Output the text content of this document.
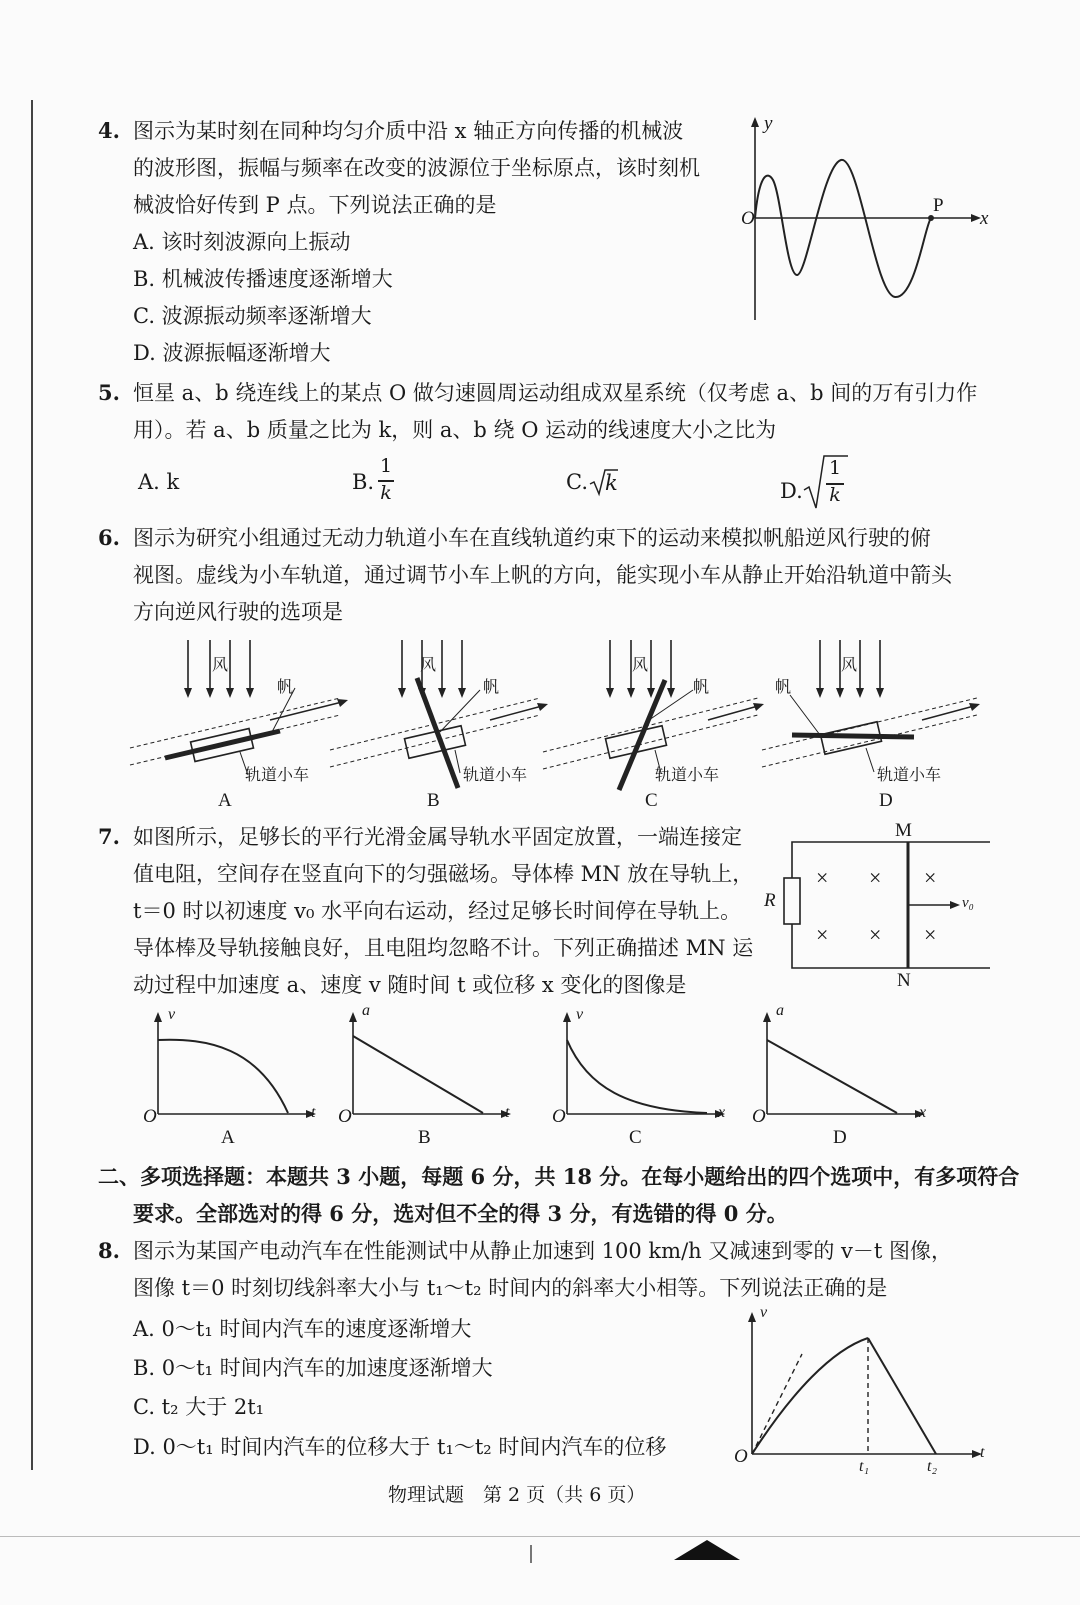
4. 图示为某时刻在同种均匀介质中沿 x 轴正方向传播的机械波
的波形图，振幅与频率在改变的波源位于坐标原点，该时刻机
械波恰好传到 P 点。下列说法正确的是
A. 该时刻波源向上振动
B. 机械波传播速度逐渐增大
C. 波源振动频率逐渐增大
D. 波源振幅逐渐增大
y
O
P
x
5. 恒星 a、b 绕连线上的某点 O 做匀速圆周运动组成双星系统（仅考虑 a、b 间的万有引力作
用）。若 a、b 质量之比为 k，则 a、b 绕 O 运动的线速度大小之比为
A. k	B.
1
k	C. k	D.
1
k
6. 图示为研究小组通过无动力轨道小车在直线轨道约束下的运动来模拟帆船逆风行驶的俯
视图。虚线为小车轨道，通过调节小车上帆的方向，能实现小车从静止开始沿轨道中箭头
方向逆风行驶的选项是
风
帆
轨道小车
A
风
帆
轨道小车
B
风
帆
轨道小车
C
风
帆
轨道小车
D
7. 如图所示，足够长的平行光滑金属导轨水平固定放置，一端连接定
值电阻，空间存在竖直向下的匀强磁场。导体棒 MN 放在导轨上，
t＝0 时以初速度 v₀ 水平向右运动，经过足够长时间停在导轨上。
导体棒及导轨接触良好，且电阻均忽略不计。下列正确描述 MN 运
动过程中加速度 a、速度 v 随时间 t 或位移 x 变化的图像是
M
N
R	v₀
× × ×
× × ×
v
O	t
A
a
O	t
B
v
O	x
C
a
O	x
D
二、多项选择题：本题共 3 小题，每题 6 分，共 18 分。在每小题给出的四个选项中，有多项符合
要求。全部选对的得 6 分，选对但不全的得 3 分，有选错的得 0 分。
8. 图示为某国产电动汽车在性能测试中从静止加速到 100 km/h 又减速到零的 v－t 图像，
图像 t＝0 时刻切线斜率大小与 t₁～t₂ 时间内的斜率大小相等。下列说法正确的是
A. 0～t₁ 时间内汽车的速度逐渐增大
B. 0～t₁ 时间内汽车的加速度逐渐增大
C. t₂ 大于 2t₁
D. 0～t₁ 时间内汽车的位移大于 t₁～t₂ 时间内汽车的位移
v
O	t
t₁	t₂
物理试题　第 2 页（共 6 页）
